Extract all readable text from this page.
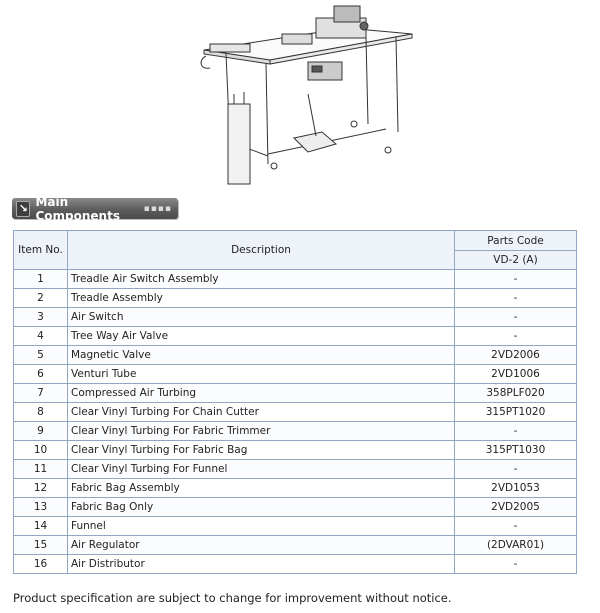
↘ Main Components	▪▪▪▪
Item No.	Description	Parts Code
		VD-2 (A)
1	Treadle Air Switch Assembly	-
2	Treadle Assembly	-
3	Air Switch	-
4	Tree Way Air Valve	-
5	Magnetic Valve	2VD2006
6	Venturi Tube	2VD1006
7	Compressed Air Turbing	358PLF020
8	Clear Vinyl Turbing For Chain Cutter	315PT1020
9	Clear Vinyl Turbing For Fabric Trimmer	-
10	Clear Vinyl Turbing For Fabric Bag	315PT1030
11	Clear Vinyl Turbing For Funnel	-
12	Fabric Bag Assembly	2VD1053
13	Fabric Bag Only	2VD2005
14	Funnel	-
15	Air Regulator	(2DVAR01)
16	Air Distributor	-
Product specification are subject to change for improvement without notice.
